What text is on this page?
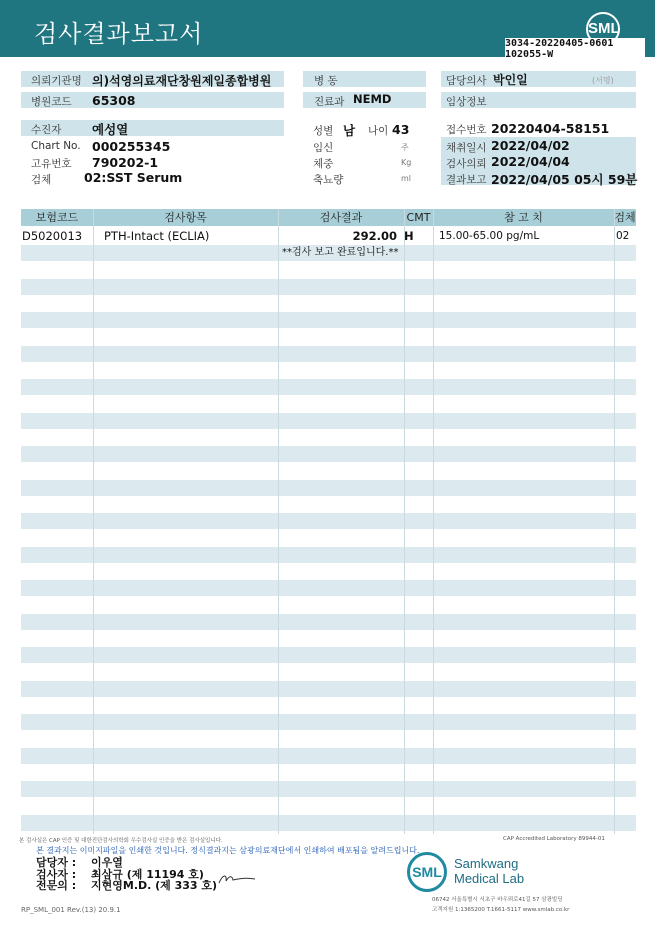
검사결과보고서	SML
3034-20220405-0601
102055-W
의뢰기관명 의)석영의료재단창원제일종합병원	병 동	담당의사 박인일	(서명)
병원코드 65308	진료과 NEMD	임상정보
수진자 예성열	성별 남 나이 43	접수번호 20220404-58151
Chart No. 000255345	임신	주	채취일시 2022/04/02
고유번호 790202-1	체중	Kg	검사의뢰 2022/04/04
검체	02:SST Serum	축뇨량	ml	결과보고 2022/04/05 05시 59분
보험코드	검사항목	검사결과	CMT	참 고 치	검체
D5020013 PTH-Intact (ECLIA)	292.00 H 15.00-65.00 pg/mL	02
**검사 보고 완료입니다.**
본 검사실은 CAP 인증 및 대한진단검사의학회 우수검사실 인증을 받은 검사실입니다.	CAP Accredited Laboratory 89944-01
본 결과지는 이미지파일을 인쇄한 것입니다. 정식결과지는 삼광의료재단에서 인쇄하여 배포됨을 알려드립니다.
담당자 : 이우열
검사자 : 최삼규 (제 11194 호)
전문의 : 지현영M.D. (제 333 호)
SML
Samkwang
Medical Lab
06742 서울특별시 서초구 바우뫼로41길 57 삼광빌딩
고객지원 1:1365200 T.1661-5117 www.smlab.co.kr
RP_SML_001 Rev.(13) 20.9.1
